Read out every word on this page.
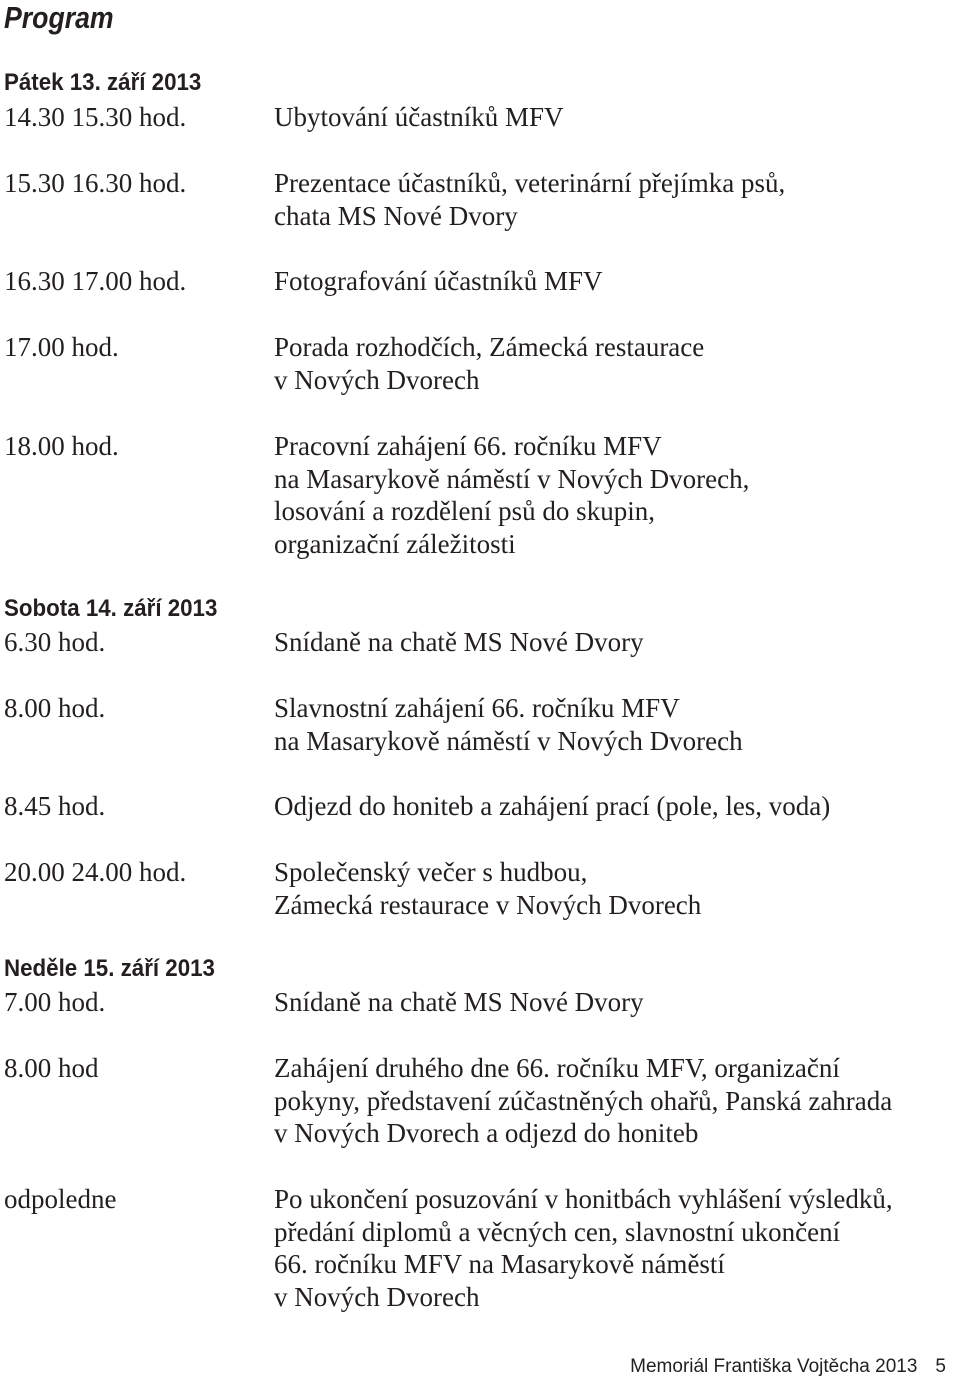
Program
Pátek 13. září 2013
14.30 15.30 hod.	Ubytování účastníků MFV
15.30 16.30 hod.	Prezentace účastníků, veterinární přejímka psů,
chata MS Nové Dvory
16.30 17.00 hod.	Fotografování účastníků MFV
17.00 hod.	Porada rozhodčích, Zámecká restaurace
v Nových Dvorech
18.00 hod.	Pracovní zahájení 66. ročníku MFV
na Masarykově náměstí v Nových Dvorech,
losování a rozdělení psů do skupin,
organizační záležitosti
Sobota 14. září 2013
6.30 hod.	Snídaně na chatě MS Nové Dvory
8.00 hod.	Slavnostní zahájení 66. ročníku MFV
na Masarykově náměstí v Nových Dvorech
8.45 hod.	Odjezd do honiteb a zahájení prací (pole, les, voda)
20.00 24.00 hod.	Společenský večer s hudbou,
Zámecká restaurace v Nových Dvorech
Neděle 15. září 2013
7.00 hod.	Snídaně na chatě MS Nové Dvory
8.00 hod	Zahájení druhého dne 66. ročníku MFV, organizační
pokyny, představení zúčastněných ohařů, Panská zahrada
v Nových Dvorech a odjezd do honiteb
odpoledne	Po ukončení posuzování v honitbách vyhlášení výsledků,
předání diplomů a věcných cen, slavnostní ukončení
66. ročníku MFV na Masarykově náměstí
v Nových Dvorech
Memoriál Františka Vojtěcha 2013 5
